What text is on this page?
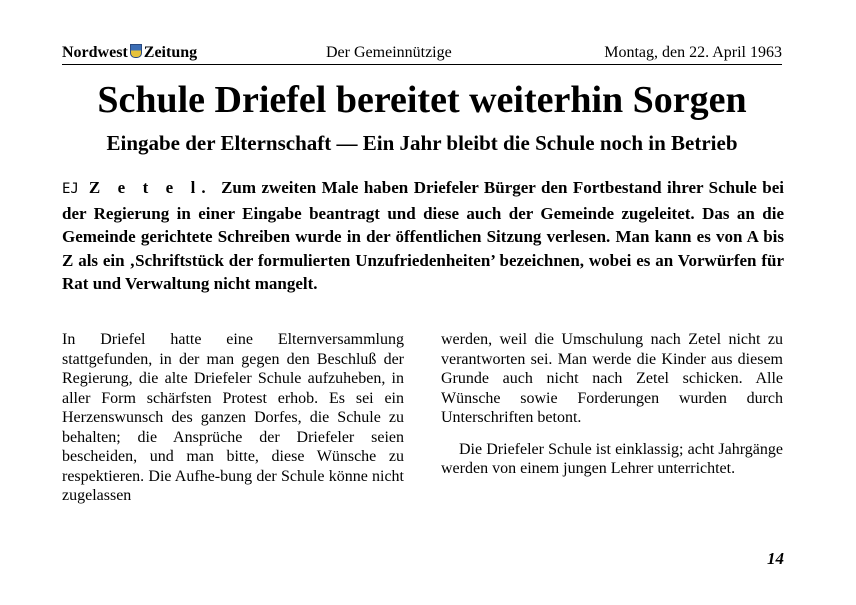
Nordwest Zeitung	Der Gemeinnützige	Montag, den 22. April 1963
Schule Driefel bereitet weiterhin Sorgen
Eingabe der Elternschaft — Ein Jahr bleibt die Schule noch in Betrieb
EJ Z e t e l. Zum zweiten Male haben Driefeler Bürger den Fortbestand ihrer Schule bei der Regierung in einer Eingabe beantragt und diese auch der Gemeinde zugeleitet. Das an die Gemeinde gerichtete Schreiben wurde in der öffentlichen Sitzung verlesen. Man kann es von A bis Z als ein ‚Schriftstück der formulierten Unzufriedenheiten’ bezeichnen, wobei es an Vorwürfen für Rat und Verwaltung nicht mangelt.

In Driefel hatte eine Elternversammlung stattgefunden, in der man gegen den Beschluß der Regierung, die alte Driefeler Schule aufzuheben, in aller Form schärfsten Protest erhob. Es sei ein Herzenswunsch des ganzen Dorfes, die Schule zu behalten; die Ansprüche der Driefeler seien bescheiden, und man bitte, diese Wünsche zu respektieren. Die Aufhe-bung der Schule könne nicht zugelassen

werden, weil die Umschulung nach Zetel nicht zu verantworten sei. Man werde die Kinder aus diesem Grunde auch nicht nach Zetel schicken. Alle Wünsche sowie Forderungen wurden durch Unterschriften betont.

Die Driefeler Schule ist einklassig; acht Jahrgänge werden von einem jungen Lehrer unterrichtet.

14
